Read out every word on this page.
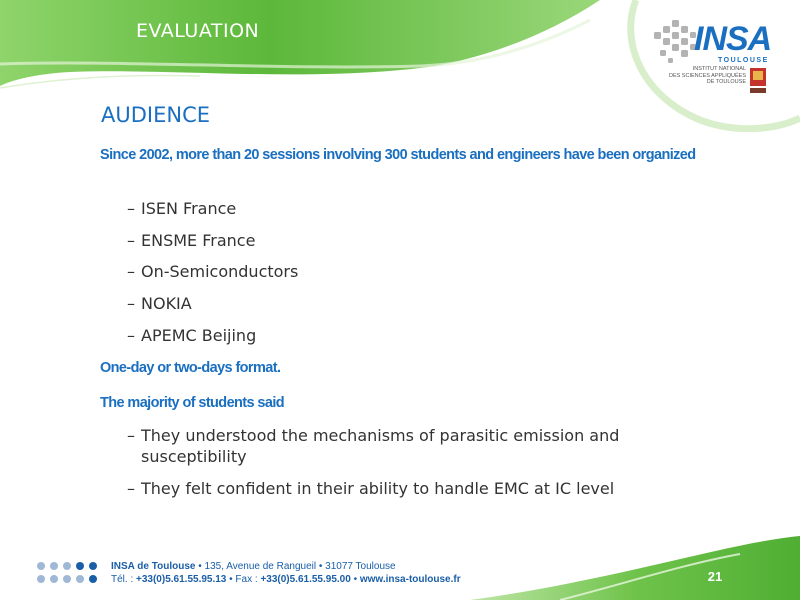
EVALUATION	INSA
TOULOUSE
INSTITUT NATIONAL
DES SCIENCES APPLIQUÉES
DE TOULOUSE
AUDIENCE
Since 2002, more than 20 sessions involving 300 students and engineers have been organized
– ISEN France
– ENSME France
– On-Semiconductors
– NOKIA
– APEMC Beijing
One-day or two-days format.
The majority of students said
– They understood the mechanisms of parasitic emission and susceptibility
– They felt confident in their ability to handle EMC at IC level
INSA de Toulouse • 135, Avenue de Rangueil • 31077 Toulouse
Tél. : +33(0)5.61.55.95.13 • Fax : +33(0)5.61.55.95.00 • www.insa-toulouse.fr	21
